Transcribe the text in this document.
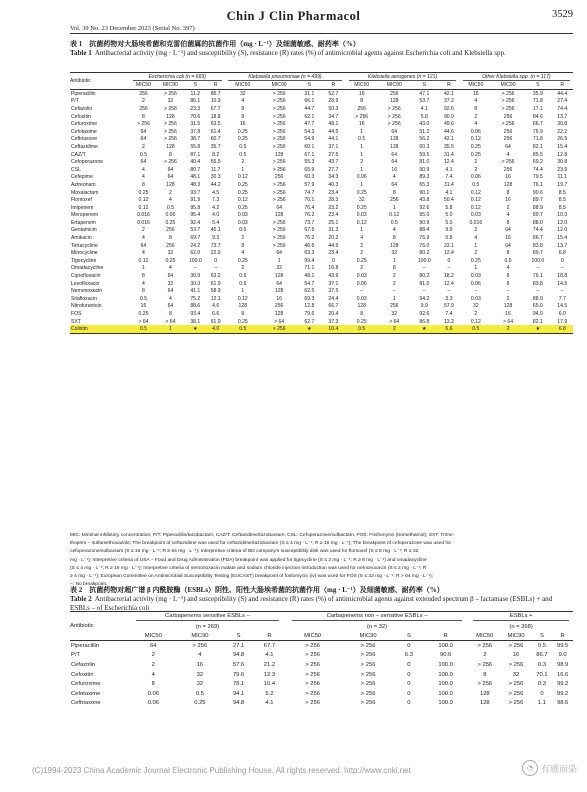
Chin J Clin Pharmacol	3529
Vol. 39 No. 23 December 2023 (Serial No. 397)
表 1　抗菌药物对大肠埃希菌和克雷伯菌属的抗菌作用（mg · L⁻¹）及细菌敏感、耐药率（%）
Table 1 Antibacterial activity (mg · L⁻¹) and susceptibility (S), resistance (R) rates (%) of antimicrobial agents against Escherichia coli and Klebsiella spp.
Antibiotic	Escherichia coli (n = 669)				Klebsiella pneumoniae (n = 499)				Klebsiella aerogenes (n = 121)				Other Klebsiella spp. (n = 117)			
	MIC50	MIC90	S	R	MIC50	MIC90	S	R	MIC50	MIC90	S	R	MIC50	MIC90	S	R
Piperacillin	256	> 256	11.2	86.7	32	> 256	31.1	52.7	16	256	47.1	42.1	16	> 256	35.9	44.4
P/T	2	32	86.1	10.9	4	> 256	66.1	28.9	8	128	53.7	37.2	4	> 256	71.8	27.4
Cefazolin	256	> 256	23.3	67.7	8	> 256	44.7	50.3	256	> 256	4.1	92.6	8	> 256	17.1	74.4
Cefoxitin	8	128	70.6	18.8	8	> 256	62.1	34.7	> 256	> 256	5.8	90.9	2	256	84.6	13.7
Cefuroxime	> 256	> 256	31.5	63.5	16	> 256	47.7	48.1	16	> 256	43.0	49.6	4	> 256	66.7	30.8
Cefotaxime	64	> 256	37.8	61.4	0.25	> 256	54.3	44.5	1	64	51.2	44.6	0.06	256	76.9	22.2
Ceftriaxone	64	> 256	38.7	60.7	0.25	> 256	54.9	44.1	0.5	128	56.2	42.1	0.12	256	71.8	26.5
Ceftazidime	2	128	55.8	35.7	0.5	> 256	60.1	37.1	1	128	60.3	35.5	0.25	64	82.1	15.4
CAZ/T	0.5	8	87.1	8.2	0.5	128	67.1	27.5	1	64	59.5	31.4	0.25	4	85.5	12.8
Cefoperazone	64	> 256	40.4	55.5	2	> 256	55.3	43.7	2	64	81.0	12.4	2	> 256	69.2	30.8
CSL	4	64	80.7	11.7	1	> 256	65.9	27.7	1	16	90.9	4.1	2	256	74.4	23.9
Cefepime	4	64	48.1	30.3	0.12	256	60.3	34.3	0.06	4	89.3	7.4	0.06	16	79.5	11.1
Aztreonam	8	128	48.3	44.2	0.25	> 256	57.9	40.3	1	64	65.3	31.4	0.5	128	76.1	19.7
Moxalactam	0.25	2	93.7	4.5	0.25	> 256	74.7	23.4	0.25	8	90.1	4.1	0.12	8	90.6	8.5
Flomoxef	0.12	4	91.9	7.3	0.12	> 256	70.1	28.3	32	256	43.8	50.4	0.12	16	89.7	8.5
Imipenem	0.12	0.5	95.8	4.2	0.25	64	76.4	23.2	0.25	1	92.6	5.8	0.12	2	88.9	8.5
Meropenem	0.016	0.06	95.4	4.0	0.03	128	76.2	23.4	0.03	0.12	95.0	5.0	0.03	4	89.7	10.3
Ertapenem	0.016	0.25	92.4	5.4	0.03	> 256	73.7	25.1	0.12	0.5	90.9	5.0	0.016	8	88.0	12.0
Gentamicin	2	256	53.7	45.1	0.5	> 256	67.5	31.3	1	4	88.4	9.9	2	64	74.4	12.0
Amikacin	4	8	69.7	9.3	2	> 256	76.2	20.2	4	8	76.9	5.8	4	16	66.7	15.4
Tetracycline	64	256	24.2	73.7	8	> 256	46.5	44.9	2	128	76.0	23.1	1	64	83.8	13.7
Minocycline	4	32	62.0	22.9	4	64	63.3	23.4	2	32	80.2	12.4	2	8	89.7	6.8
Tigecycline	0.12	0.25	100.0	0	0.25	1	99.4	0	0.25	1	100.0	0	0.25	0.5	100.0	0
Omadacycline	1	4	–	–	2	32	71.1	16.8	2	8	–	–	1	4	–	–
Ciprofloxacin	8	64	30.9	63.2	0.5	128	48.1	43.9	0.03	2	80.2	18.2	0.03	8	76.1	18.8
Levofloxacin	4	32	30.3	61.9	0.5	64	54.7	37.1	0.06	2	81.0	12.4	0.06	8	83.8	14.5
Nemonoxacin	8	64	41.1	58.9	1	128	62.5	37.5	–	–	–	–	–	–	–	–
Sitafloxacin	0.5	4	75.2	12.1	0.12	16	69.3	24.4	0.03	1	94.2	3.3	0.03	2	88.9	7.7
Nitrofurantoin	16	64	88.6	4.6	128	256	12.8	66.7	128	256	9.9	57.9	32	128	65.0	14.5
FOS	0.25	8	93.4	6.6	8	128	79.6	20.4	8	32	92.6	7.4	2	16	94.0	6.0
SXT	> 64	> 64	38.1	61.9	0.25	> 64	62.7	37.3	0.25	> 64	86.8	13.2	0.12	> 64	82.1	17.9
Colistin	0.5	1	★	4.0	0.5	> 256	★	10.4	0.5	2	★	6.6	0.5	2	★	6.8
MIC: Minimal inhibitory concentration; P/T: Piperacillin/tazobactam; CAZ/T: Ceftazidime/tazobactam; CSL: Cefoperazone/sulbactam; FOS: Fosfomycin (tromethamol); SXT: Trime-
thoprim – sulfamethoxazole; The breakpoint of ceftazidime was used for ceftazidime/tazobactam (S ≤ 4 mg · L⁻¹; R ≥ 16 mg · L⁻¹); The breakpoint of cefoperazone was used for
cefoperazone/sulbactam (S ≤ 16 mg · L⁻¹; R ≥ 64 mg · L⁻¹); Interpretive criteria of BD company's susceptibility disk was used for flomoxef (S ≤ 8 mg · L⁻¹; R ≥ 32
mg · L⁻¹); Interpretive criteria of USA – Food and Drug Administration (FDA) breakpoint was applied for tigecycline (S ≤ 2 mg · L⁻¹; R ≥ 8 mg · L⁻¹) and omadacycline
(S ≤ 4 mg · L⁻¹; R ≥ 16 mg · L⁻¹); Interpretive criteria of nemonoxacin malate and sodium chloride injection introduction was used for nemonoxacin (S ≤ 2 mg · L⁻¹; R
≥ 4 mg · L⁻¹); European Committee on Antimicrobial Susceptibility Testing (EUCAST) breakpoint of fosfomycin (iv) was used for FOS (S ≤ 32 mg · L⁻¹; R > 64 mg · L⁻¹);
–: No breakpoint.
表 2　抗菌药物对超广谱 β 内酰胺酶（ESBLs）阴性、阳性大肠埃希菌的抗菌作用（mg · L⁻¹）及细菌敏感、耐药率（%）
Table 2 Antibacterial activity (mg · L⁻¹) and susceptibility (S) and resistance (R) rates (%) of antimicrobial agents against extended spectrum β – lactamase (ESBLs) + and ESBLs – of Escherichia coli
Antibiotic	Carbapenems sensitive ESBLs –				Carbapenems non – sensitive ESBLs –				ESBLs +			
	(n = 269)				(n = 32)				(n = 368)			
	MIC50	MIC90	S	R	MIC50	MIC90	S	R	MIC50	MIC90	S	R
Piperacillin	64	> 256	27.1	67.7	> 256	> 256	0	100.0	> 256	> 256	0.5	99.5
P/T	2	4	94.8	4.1	> 256	> 256	6.3	90.6	2	16	86.7	9.0
Cefazolin	2	16	57.6	21.2	> 256	> 256	0	100.0	> 256	> 256	0.3	98.9
Cefoxitin	4	32	79.6	12.3	> 256	> 256	0	100.0	8	32	70.1	16.6
Cefuroxime	8	32	78.1	10.4	> 256	> 256	0	100.0	> 256	> 256	0.3	99.2
Cefotaxime	0.06	0.5	94.1	5.2	> 256	> 256	0	100.0	128	> 256	0	99.2
Ceftriaxone	0.06	0.25	94.8	4.1	> 256	> 256	0	100.0	128	> 256	1.1	98.6
(C)1994-2023 China Academic Journal Electronic Publishing House. All rights reserved. http://www.cnki.net	◔ 有感而染
